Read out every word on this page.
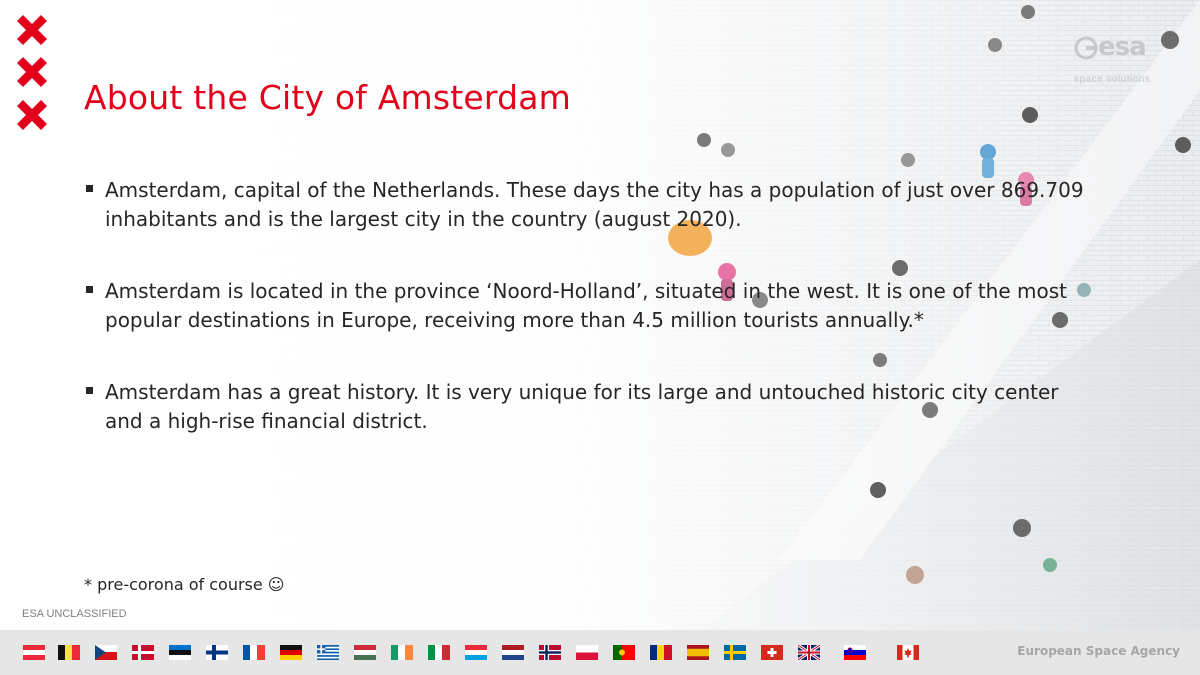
About the City of Amsterdam
Amsterdam, capital of the Netherlands. These days the city has a population of just over 869.709 inhabitants and is the largest city in the country (august 2020).
Amsterdam is located in the province ‘Noord-Holland’, situated in the west. It is one of the most popular destinations in Europe, receiving more than 4.5 million tourists annually.*
Amsterdam has a great history. It is very unique for its large and untouched historic city center and a high-rise financial district.
* pre-corona of course ☺
ESA UNCLASSIFIED
esa
space solutions
European Space Agency
